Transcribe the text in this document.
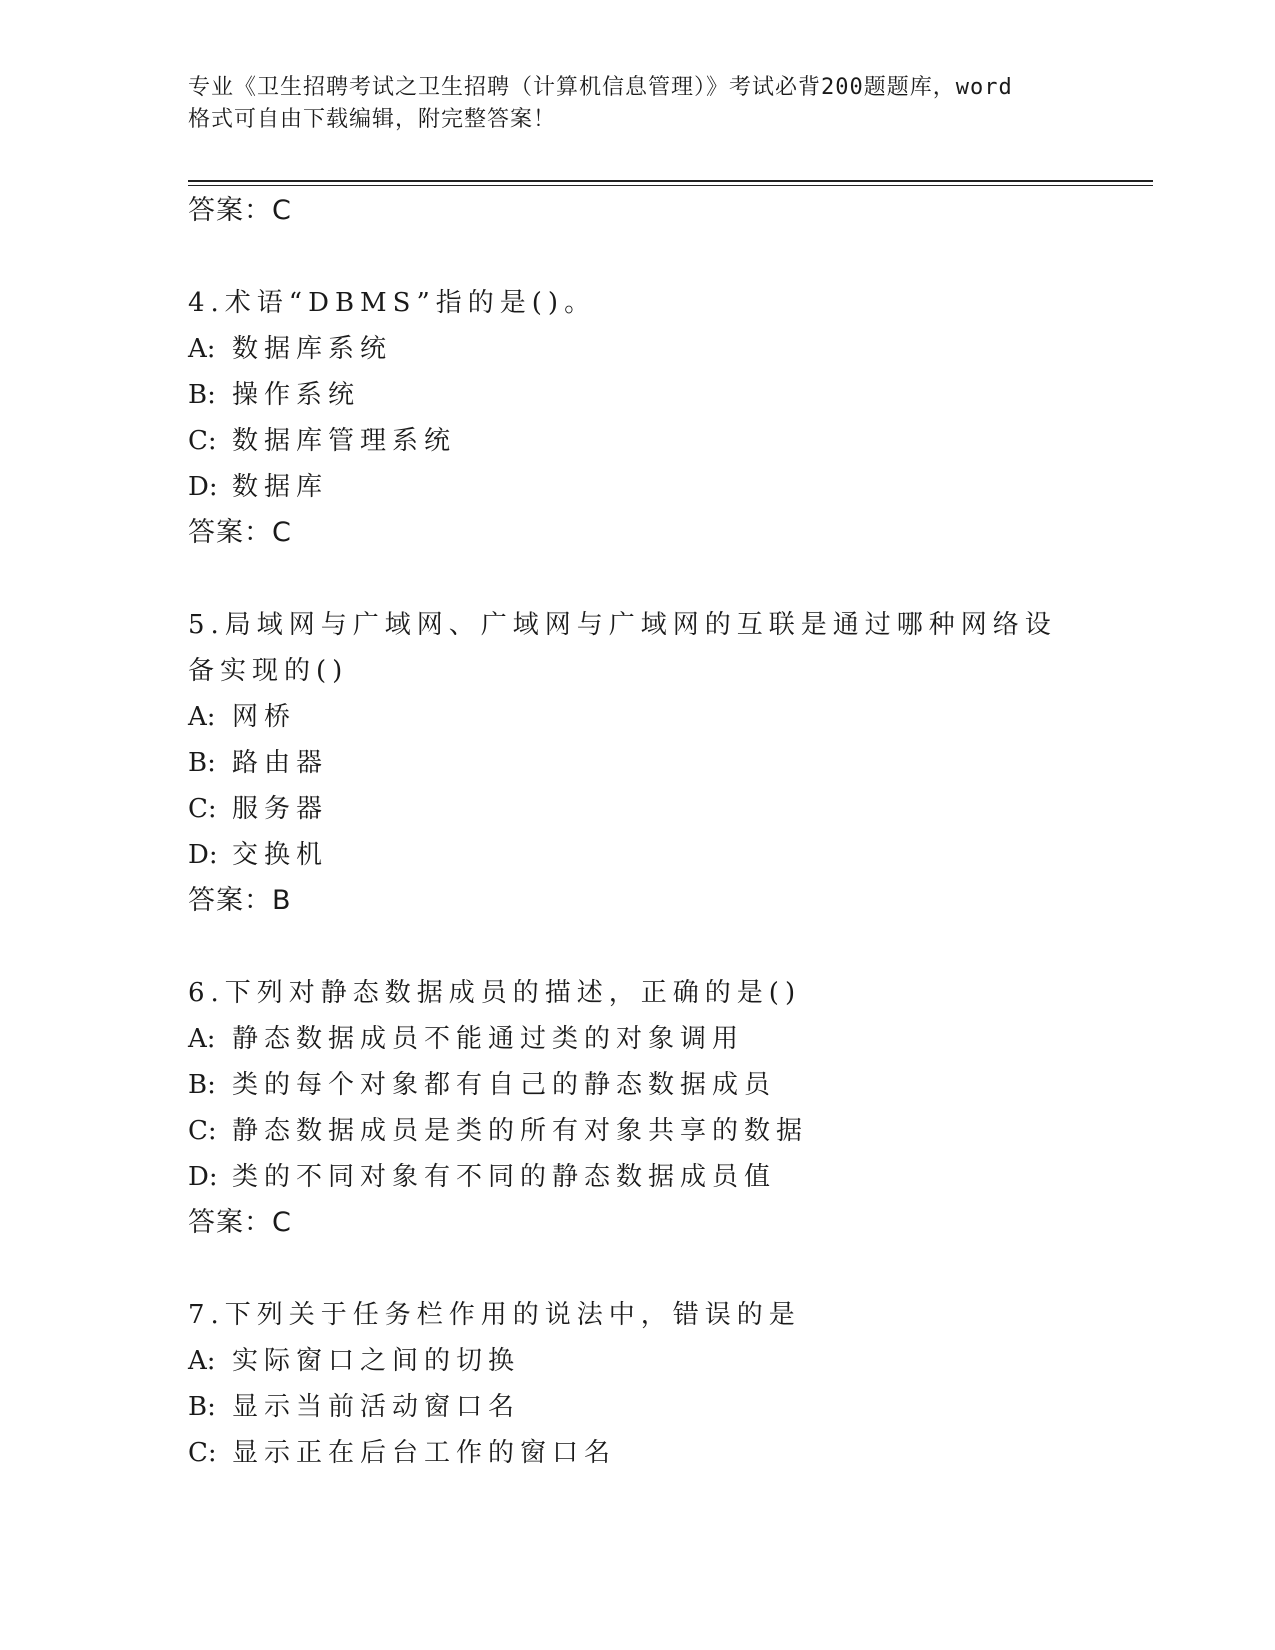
专业《卫生招聘考试之卫生招聘（计算机信息管理）》考试必背200题题库，word
格式可自由下载编辑，附完整答案！
答案：C
4.术语“DBMS”指的是()。
A: 数据库系统
B: 操作系统
C: 数据库管理系统
D: 数据库
答案：C
5.局域网与广域网、广域网与广域网的互联是通过哪种网络设备实现的()
A: 网桥
B: 路由器
C: 服务器
D: 交换机
答案：B
6.下列对静态数据成员的描述，正确的是()
A: 静态数据成员不能通过类的对象调用
B: 类的每个对象都有自己的静态数据成员
C: 静态数据成员是类的所有对象共享的数据
D: 类的不同对象有不同的静态数据成员值
答案：C
7.下列关于任务栏作用的说法中，错误的是
A: 实际窗口之间的切换
B: 显示当前活动窗口名
C: 显示正在后台工作的窗口名
